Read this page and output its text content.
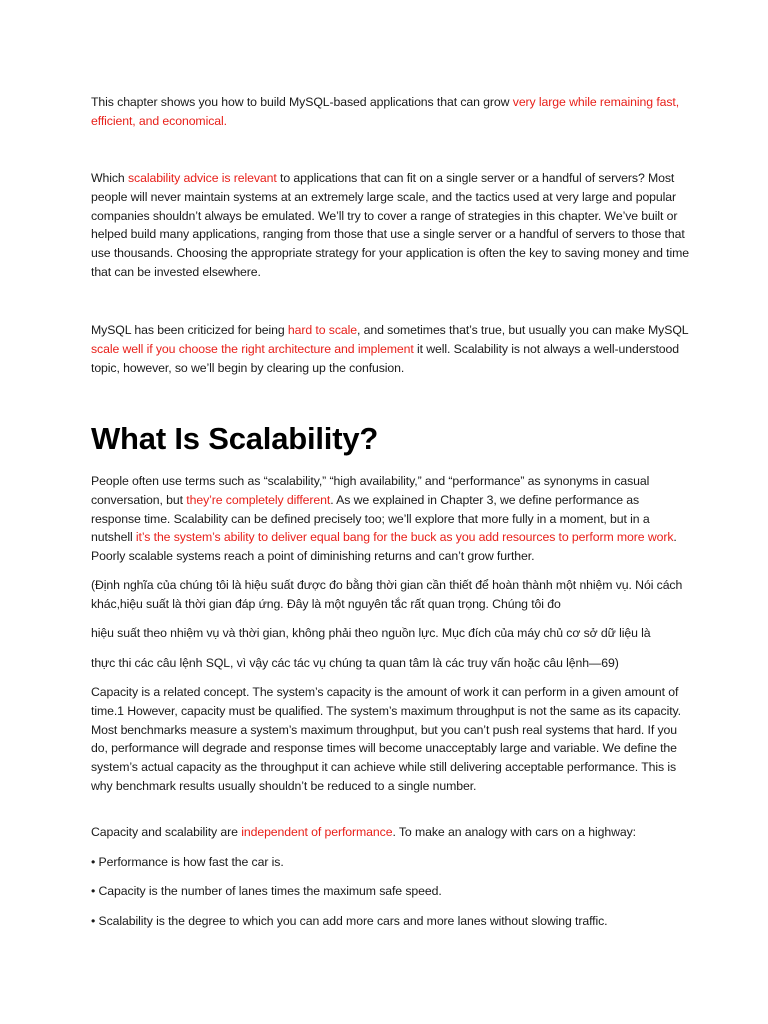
This chapter shows you how to build MySQL-based applications that can grow very large while remaining fast, efficient, and economical.

Which scalability advice is relevant to applications that can fit on a single server or a handful of servers? Most people will never maintain systems at an extremely large scale, and the tactics used at very large and popular companies shouldn’t always be emulated. We’ll try to cover a range of strategies in this chapter. We’ve built or helped build many applications, ranging from those that use a single server or a handful of servers to those that use thousands. Choosing the appropriate strategy for your application is often the key to saving money and time that can be invested elsewhere.

MySQL has been criticized for being hard to scale, and sometimes that’s true, but usually you can make MySQL scale well if you choose the right architecture and implement it well. Scalability is not always a well-understood topic, however, so we’ll begin by clearing up the confusion.

What Is Scalability?

People often use terms such as “scalability,” “high availability,” and “performance” as synonyms in casual conversation, but they’re completely different. As we explained in Chapter 3, we define performance as response time. Scalability can be defined precisely too; we’ll explore that more fully in a moment, but in a nutshell it’s the system’s ability to deliver equal bang for the buck as you add resources to perform more work. Poorly scalable systems reach a point of diminishing returns and can’t grow further.

(Định nghĩa của chúng tôi là hiệu suất được đo bằng thời gian cần thiết để hoàn thành một nhiệm vụ. Nói cách khác,hiệu suất là thời gian đáp ứng. Đây là một nguyên tắc rất quan trọng. Chúng tôi đo

hiệu suất theo nhiệm vụ và thời gian, không phải theo nguồn lực. Mục đích của máy chủ cơ sở dữ liệu là

thực thi các câu lệnh SQL, vì vậy các tác vụ chúng ta quan tâm là các truy vấn hoặc câu lệnh—69)

Capacity is a related concept. The system’s capacity is the amount of work it can perform in a given amount of time.1 However, capacity must be qualified. The system’s maximum throughput is not the same as its capacity. Most benchmarks measure a system’s maximum throughput, but you can’t push real systems that hard. If you do, performance will degrade and response times will become unacceptably large and variable. We define the system’s actual capacity as the throughput it can achieve while still delivering acceptable performance. This is why benchmark results usually shouldn’t be reduced to a single number.

Capacity and scalability are independent of performance. To make an analogy with cars on a highway:

• Performance is how fast the car is.

• Capacity is the number of lanes times the maximum safe speed.

• Scalability is the degree to which you can add more cars and more lanes without slowing traffic.
